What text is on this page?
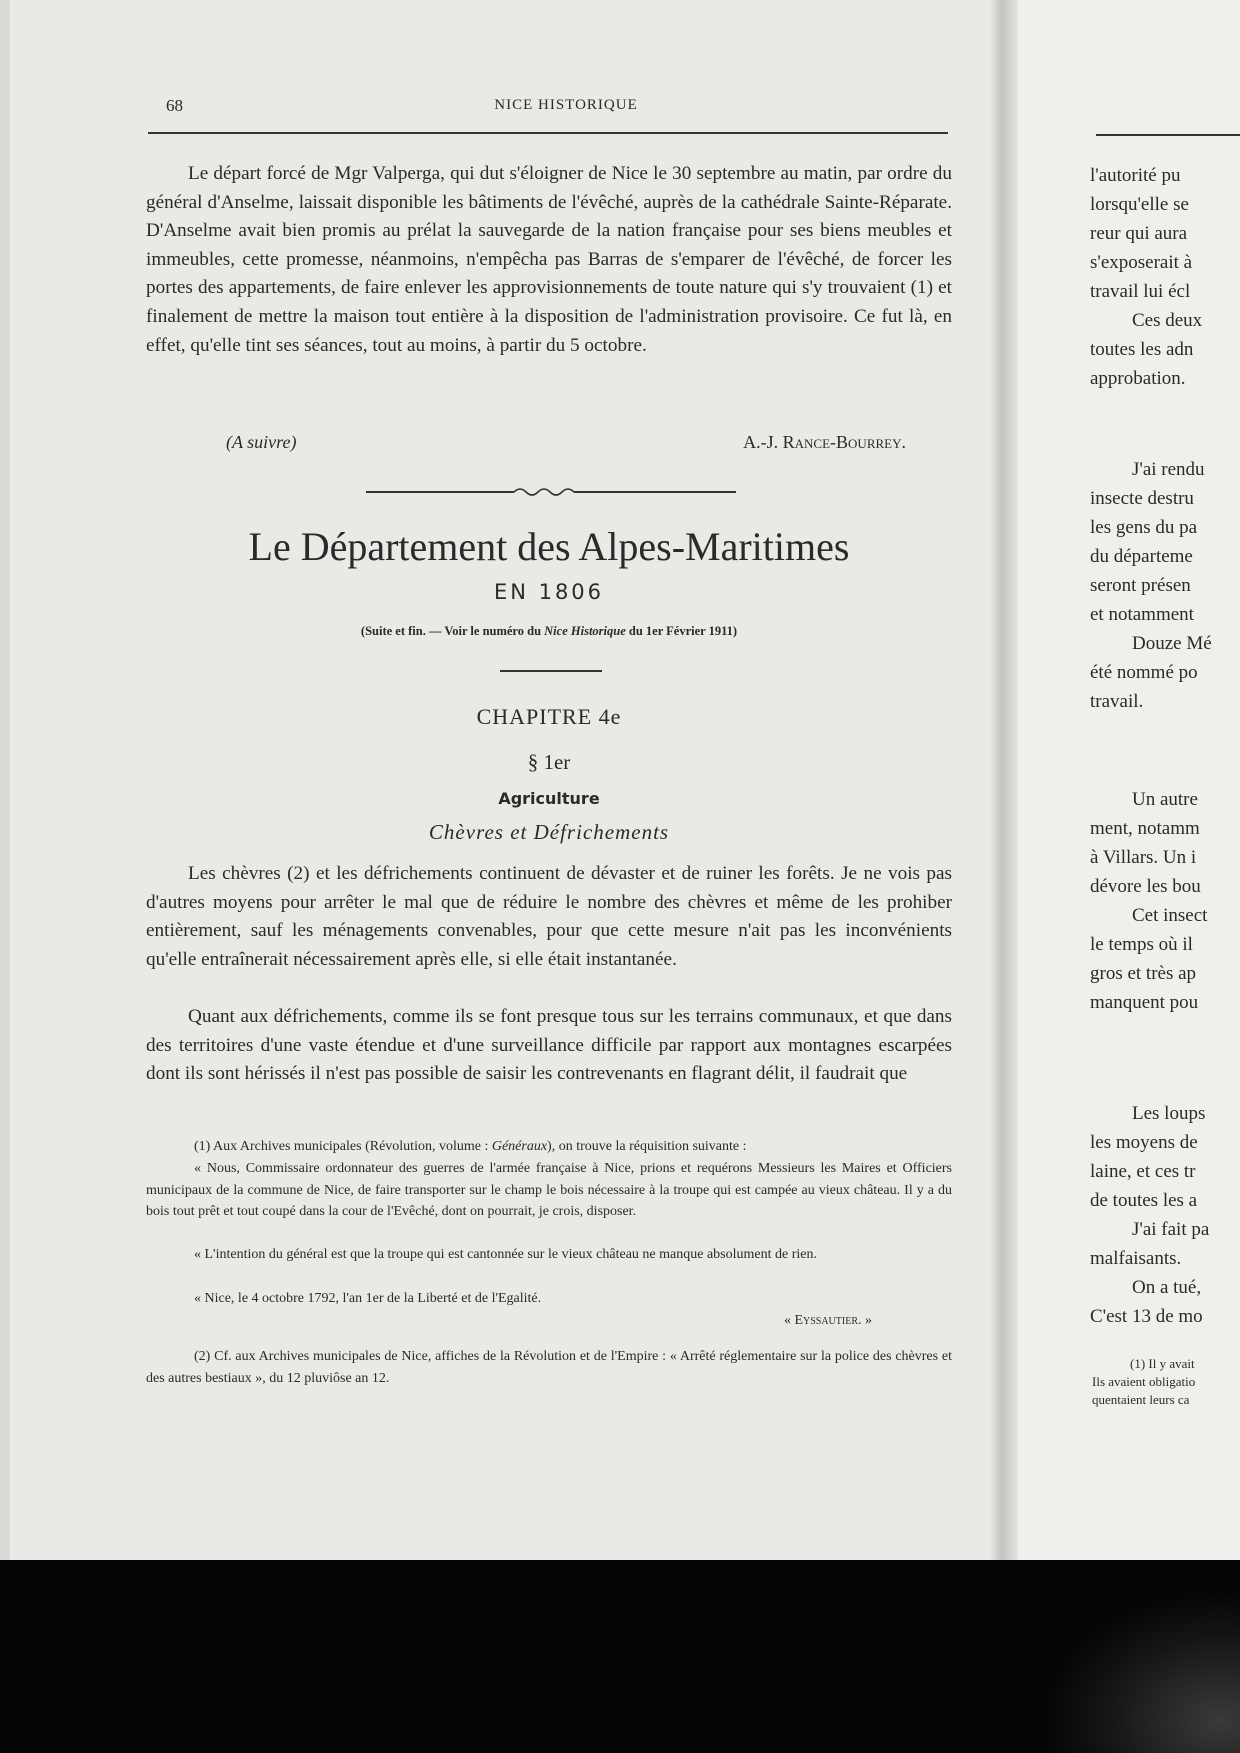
l'autorité pu
lorsqu'elle se
reur qui aura
s'exposerait à
travail lui écl
Ces deux
toutes les adn
approbation.
J'ai rendu
insecte destru
les gens du pa
du départeme
seront présen
et notamment
Douze Mé
été nommé po
travail.
Un autre
ment, notamm
à Villars. Un i
dévore les bou
Cet insect
le temps où il
gros et très ap
manquent pou
Les loups
les moyens de
laine, et ces tr
de toutes les a
J'ai fait pa
malfaisants.
On a tué,
C'est 13 de mo
(1) Il y avait
Ils avaient obligatio
quentaient leurs ca
68	NICE HISTORIQUE

Le départ forcé de Mgr Valperga, qui dut s'éloigner de Nice le 30 septembre au matin, par ordre du général d'Anselme, laissait disponible les bâtiments de l'évêché, auprès de la cathédrale Sainte-Réparate. D'Anselme avait bien promis au prélat la sauvegarde de la nation française pour ses biens meubles et immeubles, cette promesse, néanmoins, n'empêcha pas Barras de s'emparer de l'évêché, de forcer les portes des appartements, de faire enlever les approvisionnements de toute nature qui s'y trouvaient (1) et finalement de mettre la maison tout entière à la disposition de l'administration provisoire. Ce fut là, en effet, qu'elle tint ses séances, tout au moins, à partir du 5 octobre.

(A suivre)	A.-J. Rance-Bourrey.
Le Département des Alpes-Maritimes
EN 1806
(Suite et fin. — Voir le numéro du Nice Historique du 1er Février 1911)
CHAPITRE 4e
§ 1er
Agriculture
Chèvres et Défrichements

Les chèvres (2) et les défrichements continuent de dévaster et de ruiner les forêts. Je ne vois pas d'autres moyens pour arrêter le mal que de réduire le nombre des chèvres et même de les prohiber entièrement, sauf les ménagements convenables, pour que cette mesure n'ait pas les inconvénients qu'elle entraînerait nécessairement après elle, si elle était instantanée.

Quant aux défrichements, comme ils se font presque tous sur les terrains communaux, et que dans des territoires d'une vaste étendue et d'une surveillance difficile par rapport aux montagnes escarpées dont ils sont hérissés il n'est pas possible de saisir les contrevenants en flagrant délit, il faudrait que

(1) Aux Archives municipales (Révolution, volume : Généraux), on trouve la réquisition suivante :

« Nous, Commissaire ordonnateur des guerres de l'armée française à Nice, prions et requérons Messieurs les Maires et Officiers municipaux de la commune de Nice, de faire transporter sur le champ le bois nécessaire à la troupe qui est campée au vieux château. Il y a du bois tout prêt et tout coupé dans la cour de l'Evêché, dont on pourrait, je crois, disposer.

« L'intention du général est que la troupe qui est cantonnée sur le vieux château ne manque absolument de rien.

« Nice, le 4 octobre 1792, l'an 1er de la Liberté et de l'Egalité.

« Eyssautier. »

(2) Cf. aux Archives municipales de Nice, affiches de la Révolution et de l'Empire : « Arrêté réglementaire sur la police des chèvres et des autres bestiaux », du 12 pluviôse an 12.
